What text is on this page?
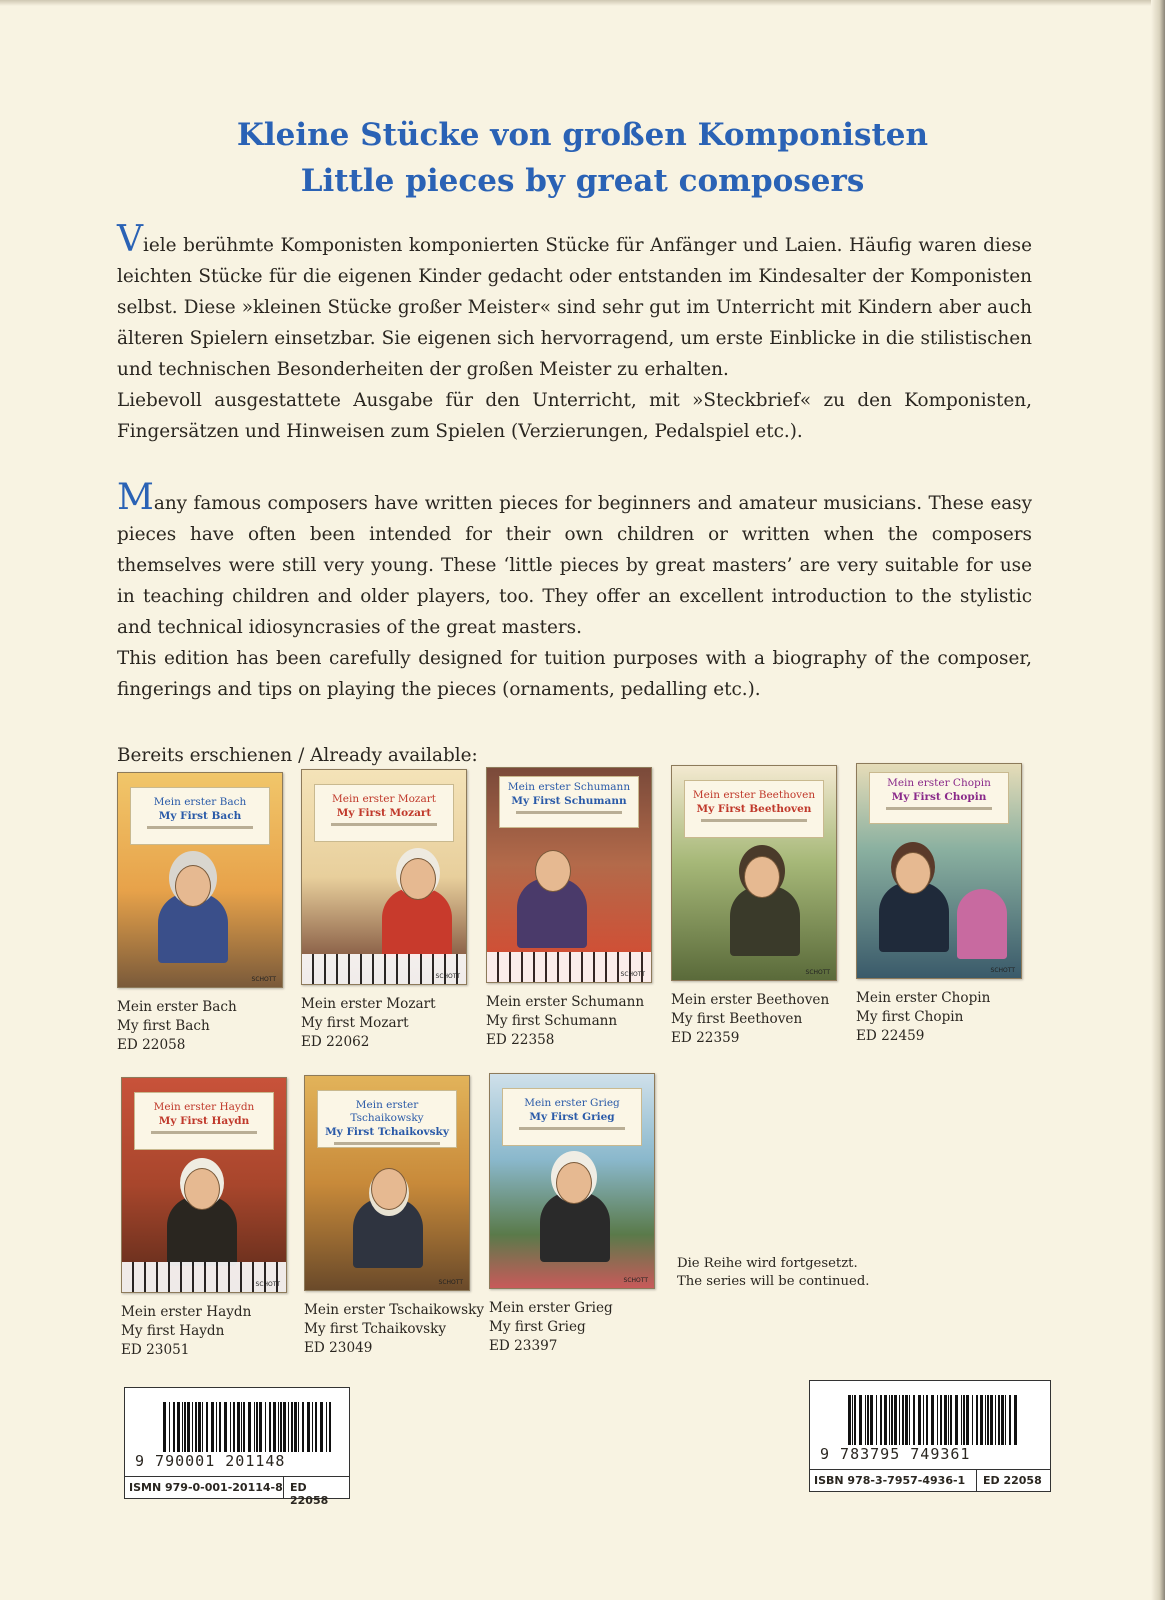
Kleine Stücke von großen Komponisten
Little pieces by great composers
Viele berühmte Komponisten komponierten Stücke für Anfänger und Laien. Häufig waren diese leichten Stücke für die eigenen Kinder gedacht oder entstanden im Kindesalter der Komponisten selbst. Diese »kleinen Stücke großer Meister« sind sehr gut im Unterricht mit Kindern aber auch älteren Spielern einsetzbar. Sie eigenen sich hervorragend, um erste Einblicke in die stilistischen und technischen Besonderheiten der großen Meister zu erhalten.
Liebevoll ausgestattete Ausgabe für den Unterricht, mit »Steckbrief« zu den Komponisten, Fingersätzen und Hinweisen zum Spielen (Verzierungen, Pedalspiel etc.).
Many famous composers have written pieces for beginners and amateur musicians. These easy pieces have often been intended for their own children or written when the composers themselves were still very young. These ‘little pieces by great masters’ are very suitable for use in teaching children and older players, too. They offer an excellent introduction to the stylistic and technical idiosyncrasies of the great masters.
This edition has been carefully designed for tuition purposes with a biography of the composer, fingerings and tips on playing the pieces (ornaments, pedalling etc.).
Bereits erschienen / Already available:
Mein erster Bach
My First Bach
SCHOTT
Mein erster Bach
My first Bach
ED 22058
Mein erster Mozart
My First Mozart
SCHOTT
Mein erster Mozart
My first Mozart
ED 22062
Mein erster Schumann
My First Schumann
SCHOTT
Mein erster Schumann
My first Schumann
ED 22358
Mein erster Beethoven
My First Beethoven
SCHOTT
Mein erster Beethoven
My first Beethoven
ED 22359
Mein erster Chopin
My First Chopin
SCHOTT
Mein erster Chopin
My first Chopin
ED 22459
Mein erster Haydn
My First Haydn
SCHOTT
Mein erster Haydn
My first Haydn
ED 23051
Mein erster Tschaikowsky
My First Tchaikovsky
SCHOTT
Mein erster Tschaikowsky
My first Tchaikovsky
ED 23049
Mein erster Grieg
My First Grieg
SCHOTT
Mein erster Grieg
My first Grieg
ED 23397
Die Reihe wird fortgesetzt.
The series will be continued.
9 790001 201148
ISMN 979-0-001-20114-8 ED 22058
9 783795 749361
ISBN 978-3-7957-4936-1	ED 22058
